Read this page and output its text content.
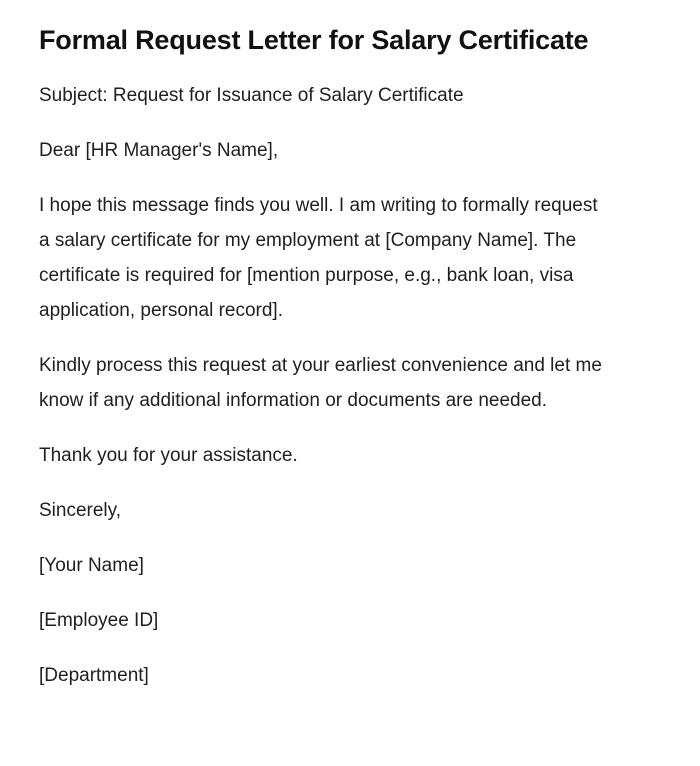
Formal Request Letter for Salary Certificate

Subject: Request for Issuance of Salary Certificate

Dear [HR Manager's Name],

I hope this message finds you well. I am writing to formally request a salary certificate for my employment at [Company Name]. The certificate is required for [mention purpose, e.g., bank loan, visa application, personal record].

Kindly process this request at your earliest convenience and let me know if any additional information or documents are needed.

Thank you for your assistance.

Sincerely,

[Your Name]

[Employee ID]

[Department]
